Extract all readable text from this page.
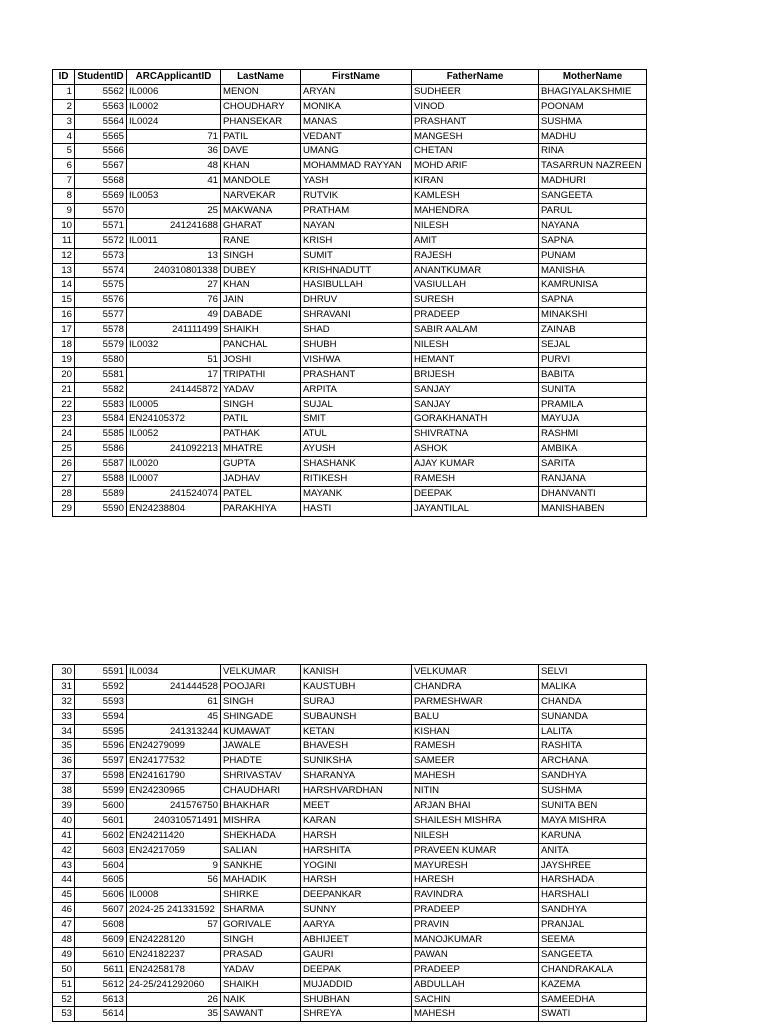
ID	StudentID	ARCApplicantID	LastName	FirstName	FatherName	MotherName
1	5562	IL0006	MENON	ARYAN	SUDHEER	BHAGIYALAKSHMIE
2	5563	IL0002	CHOUDHARY	MONIKA	VINOD	POONAM
3	5564	IL0024	PHANSEKAR	MANAS	PRASHANT	SUSHMA
4	5565	71	PATIL	VEDANT	MANGESH	MADHU
5	5566	36	DAVE	UMANG	CHETAN	RINA
6	5567	48	KHAN	MOHAMMAD RAYYAN	MOHD ARIF	TASARRUN NAZREEN
7	5568	41	MANDOLE	YASH	KIRAN	MADHURI
8	5569	IL0053	NARVEKAR	RUTVIK	KAMLESH	SANGEETA
9	5570	25	MAKWANA	PRATHAM	MAHENDRA	PARUL
10	5571	241241688	GHARAT	NAYAN	NILESH	NAYANA
11	5572	IL0011	RANE	KRISH	AMIT	SAPNA
12	5573	13	SINGH	SUMIT	RAJESH	PUNAM
13	5574	240310801338	DUBEY	KRISHNADUTT	ANANTKUMAR	MANISHA
14	5575	27	KHAN	HASIBULLAH	VASIULLAH	KAMRUNISA
15	5576	76	JAIN	DHRUV	SURESH	SAPNA
16	5577	49	DABADE	SHRAVANI	PRADEEP	MINAKSHI
17	5578	241111499	SHAIKH	SHAD	SABIR AALAM	ZAINAB
18	5579	IL0032	PANCHAL	SHUBH	NILESH	SEJAL
19	5580	51	JOSHI	VISHWA	HEMANT	PURVI
20	5581	17	TRIPATHI	PRASHANT	BRIJESH	BABITA
21	5582	241445872	YADAV	ARPITA	SANJAY	SUNITA
22	5583	IL0005	SINGH	SUJAL	SANJAY	PRAMILA
23	5584	EN24105372	PATIL	SMIT	GORAKHANATH	MAYUJA
24	5585	IL0052	PATHAK	ATUL	SHIVRATNA	RASHMI
25	5586	241092213	MHATRE	AYUSH	ASHOK	AMBIKA
26	5587	IL0020	GUPTA	SHASHANK	AJAY KUMAR	SARITA
27	5588	IL0007	JADHAV	RITIKESH	RAMESH	RANJANA
28	5589	241524074	PATEL	MAYANK	DEEPAK	DHANVANTI
29	5590	EN24238804	PARAKHIYA	HASTI	JAYANTILAL	MANISHABEN
30	5591	IL0034	VELKUMAR	KANISH	VELKUMAR	SELVI
31	5592	241444528	POOJARI	KAUSTUBH	CHANDRA	MALIKA
32	5593	61	SINGH	SURAJ	PARMESHWAR	CHANDA
33	5594	45	SHINGADE	SUBAUNSH	BALU	SUNANDA
34	5595	241313244	KUMAWAT	KETAN	KISHAN	LALITA
35	5596	EN24279099	JAWALE	BHAVESH	RAMESH	RASHITA
36	5597	EN24177532	PHADTE	SUNIKSHA	SAMEER	ARCHANA
37	5598	EN24161790	SHRIVASTAV	SHARANYA	MAHESH	SANDHYA
38	5599	EN24230965	CHAUDHARI	HARSHVARDHAN	NITIN	SUSHMA
39	5600	241576750	BHAKHAR	MEET	ARJAN BHAI	SUNITA BEN
40	5601	240310571491	MISHRA	KARAN	SHAILESH MISHRA	MAYA MISHRA
41	5602	EN24211420	SHEKHADA	HARSH	NILESH	KARUNA
42	5603	EN24217059	SALIAN	HARSHITA	PRAVEEN KUMAR	ANITA
43	5604	9	SANKHE	YOGINI	MAYURESH	JAYSHREE
44	5605	56	MAHADIK	HARSH	HARESH	HARSHADA
45	5606	IL0008	SHIRKE	DEEPANKAR	RAVINDRA	HARSHALI
46	5607	2024-25 241331592	SHARMA	SUNNY	PRADEEP	SANDHYA
47	5608	57	GORIVALE	AARYA	PRAVIN	PRANJAL
48	5609	EN24228120	SINGH	ABHIJEET	MANOJKUMAR	SEEMA
49	5610	EN24182237	PRASAD	GAURI	PAWAN	SANGEETA
50	5611	EN24258178	YADAV	DEEPAK	PRADEEP	CHANDRAKALA
51	5612	24-25/241292060	SHAIKH	MUJADDID	ABDULLAH	KAZEMA
52	5613	26	NAIK	SHUBHAN	SACHIN	SAMEEDHA
53	5614	35	SAWANT	SHREYA	MAHESH	SWATI
